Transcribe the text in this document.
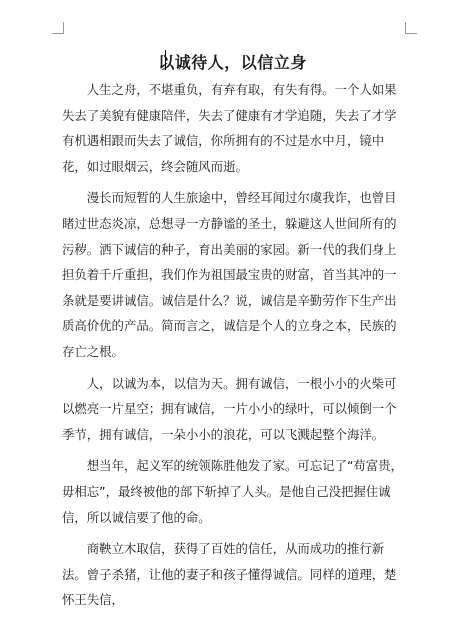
以诚待人，以信立身

人生之舟，不堪重负，有弃有取，有失有得。一个人如果失去了美貌有健康陪伴，失去了健康有才学追随，失去了才学有机遇相跟而失去了诚信，你所拥有的不过是水中月，镜中花，如过眼烟云，终会随风而逝。

漫长而短暂的人生旅途中，曾经耳闻过尔虞我诈，也曾目睹过世态炎凉，总想寻一方静谧的圣土，躲避这人世间所有的污秽。洒下诚信的种子，育出美丽的家园。新一代的我们身上担负着千斤重担，我们作为祖国最宝贵的财富，首当其冲的一条就是要讲诚信。诚信是什么？说，诚信是辛勤劳作下生产出质高价优的产品。简而言之，诚信是个人的立身之本，民族的存亡之根。

人，以诚为本，以信为天。拥有诚信，一根小小的火柴可以燃亮一片星空；拥有诚信，一片小小的绿叶，可以倾倒一个季节，拥有诚信，一朵小小的浪花，可以飞溅起整个海洋。

想当年，起义军的统领陈胜他发了家。可忘记了“苟富贵，毋相忘”，最终被他的部下斩掉了人头。是他自己没把握住诚信，所以诚信要了他的命。

商鞅立木取信，获得了百姓的信任，从而成功的推行新法。曾子杀猪，让他的妻子和孩子懂得诚信。同样的道理，楚怀王失信，
